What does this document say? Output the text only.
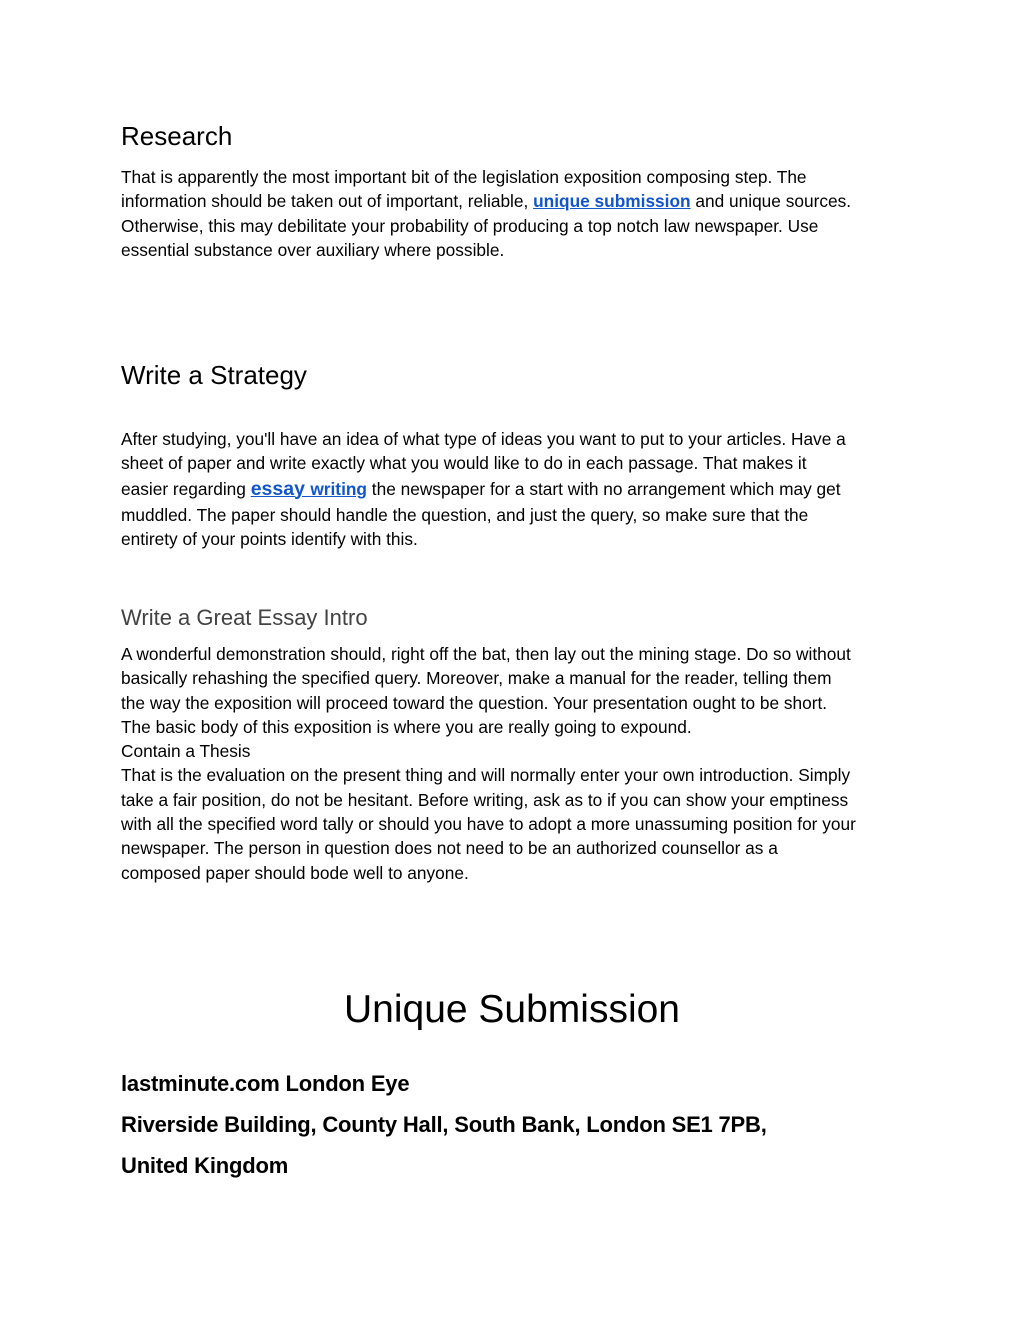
Research
That is apparently the most important bit of the legislation exposition composing step. The
information should be taken out of important, reliable, unique submission and unique sources.
Otherwise, this may debilitate your probability of producing a top notch law newspaper. Use
essential substance over auxiliary where possible.
Write a Strategy
After studying, you'll have an idea of what type of ideas you want to put to your articles. Have a
sheet of paper and write exactly what you would like to do in each passage. That makes it
easier regarding essay writing the newspaper for a start with no arrangement which may get
muddled. The paper should handle the question, and just the query, so make sure that the
entirety of your points identify with this.
Write a Great Essay Intro
A wonderful demonstration should, right off the bat, then lay out the mining stage. Do so without
basically rehashing the specified query. Moreover, make a manual for the reader, telling them
the way the exposition will proceed toward the question. Your presentation ought to be short.
The basic body of this exposition is where you are really going to expound.
Contain a Thesis
That is the evaluation on the present thing and will normally enter your own introduction. Simply
take a fair position, do not be hesitant. Before writing, ask as to if you can show your emptiness
with all the specified word tally or should you have to adopt a more unassuming position for your
newspaper. The person in question does not need to be an authorized counsellor as a
composed paper should bode well to anyone.
Unique Submission

lastminute.com London Eye

Riverside Building, County Hall, South Bank, London SE1 7PB,

United Kingdom
